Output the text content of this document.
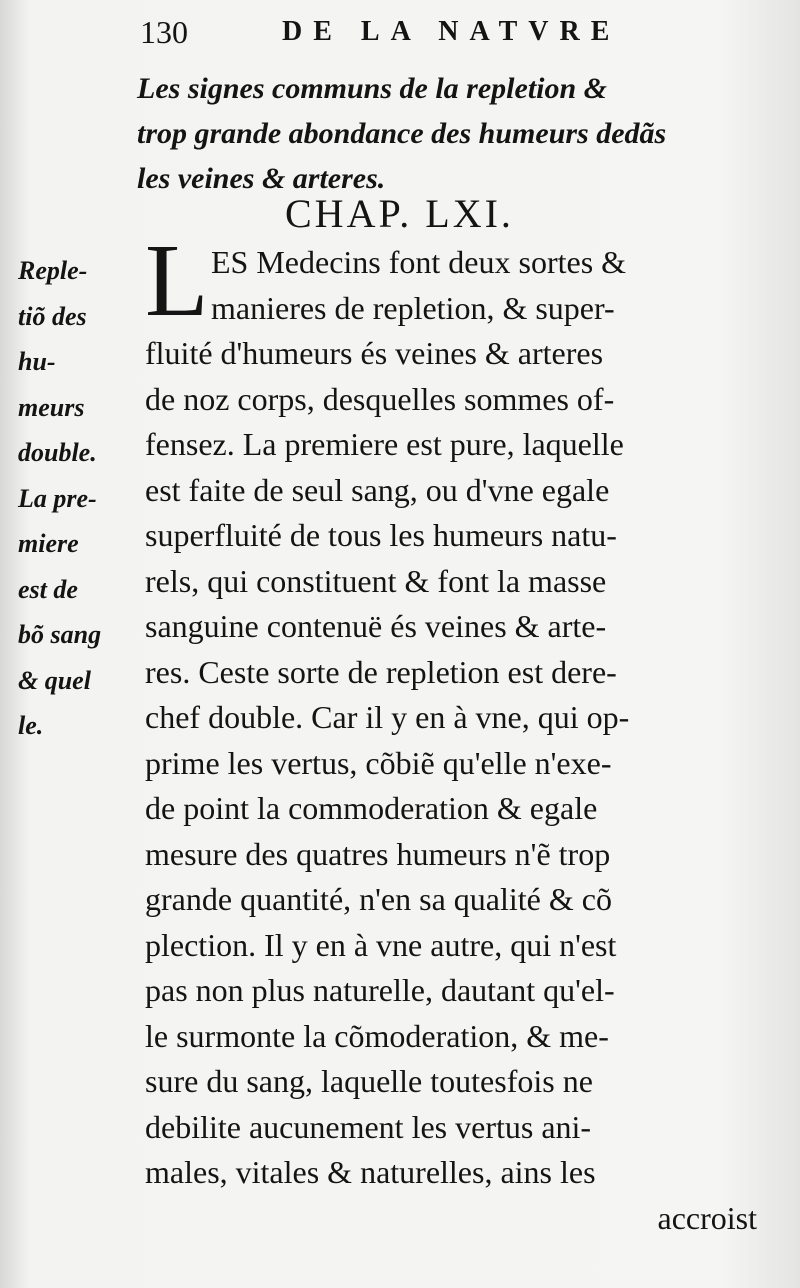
130	DE LA NATVRE
Les signes communs de la repletion &
trop grande abondance des humeurs dedãs
les veines & arteres.
CHAP. LXI.
L
Reple-
tiõ des
hu-
meurs
double.
La pre-
miere
est de
bõ sang
& quel
le.
ES Medecins font deux sortes &
manieres de repletion, & super-
fluité d'humeurs és veines & arteres
de noz corps, desquelles sommes of-
fensez. La premiere est pure, laquelle
est faite de seul sang, ou d'vne egale
superfluité de tous les humeurs natu-
rels, qui constituent & font la masse
sanguine contenuë és veines & arte-
res. Ceste sorte de repletion est dere-
chef double. Car il y en à vne, qui op-
prime les vertus, cõbiẽ qu'elle n'exe-
de point la commoderation & egale
mesure des quatres humeurs n'ẽ trop
grande quantité, n'en sa qualité & cõ
plection. Il y en à vne autre, qui n'est
pas non plus naturelle, dautant qu'el-
le surmonte la cõmoderation, & me-
sure du sang, laquelle toutesfois ne
debilite aucunement les vertus ani-
males, vitales & naturelles, ains les
accroist
